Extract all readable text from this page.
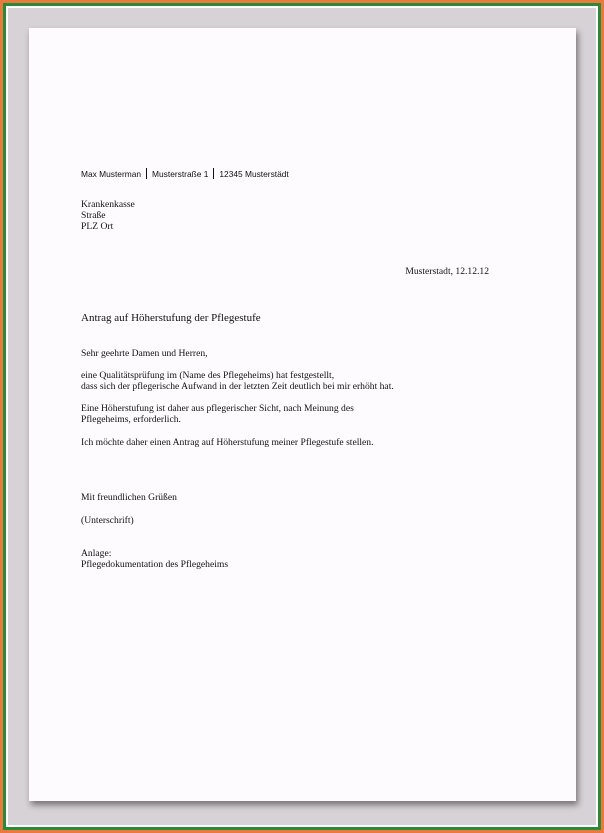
Max Musterman Musterstraße 1 12345 Musterstädt
Krankenkasse
Straße
PLZ Ort
Musterstadt, 12.12.12
Antrag auf Höherstufung der Pflegestufe
Sehr geehrte Damen und Herren,
eine Qualitätsprüfung im (Name des Pflegeheims) hat festgestellt,
dass sich der pflegerische Aufwand in der letzten Zeit deutlich bei mir erhöht hat.
Eine Höherstufung ist daher aus pflegerischer Sicht, nach Meinung des
Pflegeheims, erforderlich.
Ich möchte daher einen Antrag auf Höherstufung meiner Pflegestufe stellen.
Mit freundlichen Grüßen
(Unterschrift)
Anlage:
Pflegedokumentation des Pflegeheims
